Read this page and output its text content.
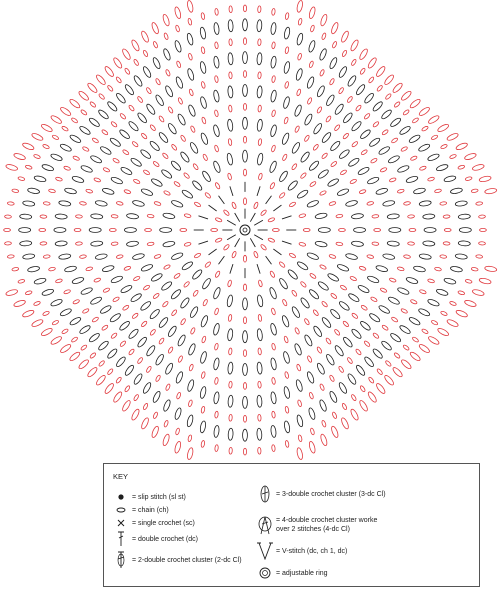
KEY
= slip stitch (sl st)
= chain (ch)
= single crochet (sc)
= double crochet (dc)
= 2-double crochet cluster (2-dc Cl)
= 3-double crochet cluster (3-dc Cl)
= 4-double crochet cluster worke
over 2 stitches (4-dc Cl)
= V-stitch (dc, ch 1, dc)
= adjustable ring
